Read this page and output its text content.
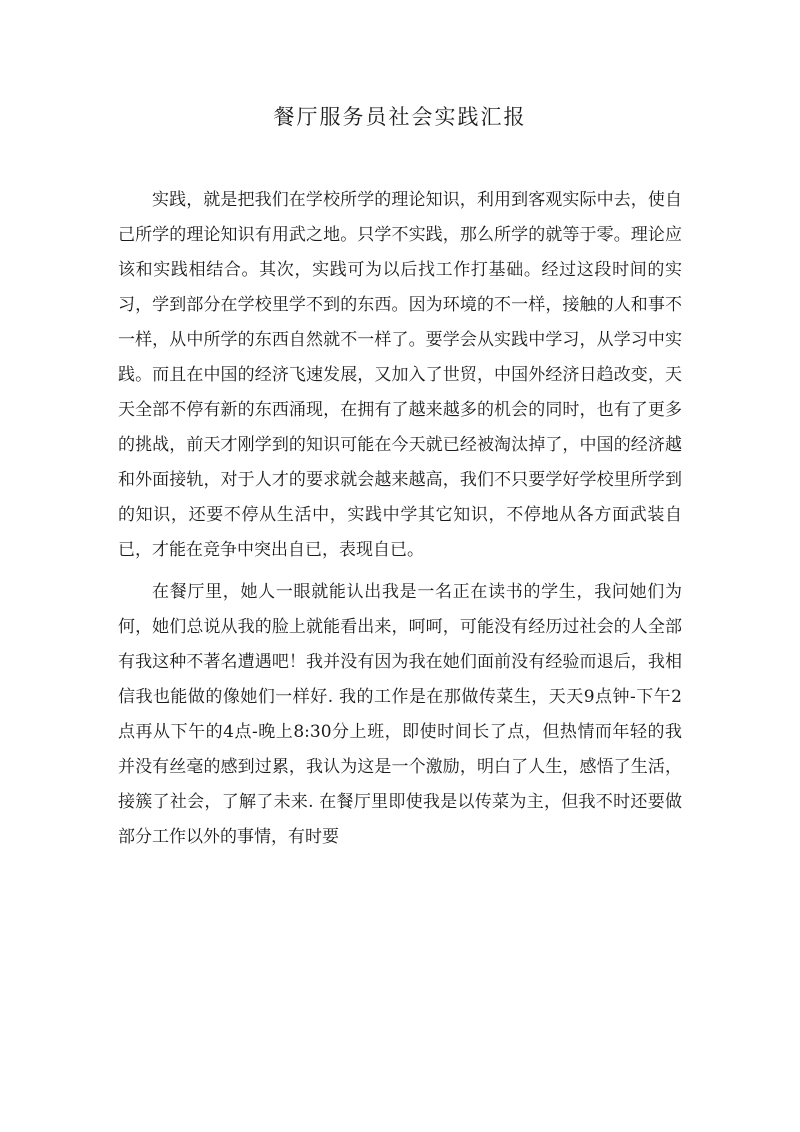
餐厅服务员社会实践汇报

实践，就是把我们在学校所学的理论知识，利用到客观实际中去，使自己所学的理论知识有用武之地。只学不实践，那么所学的就等于零。理论应该和实践相结合。其次，实践可为以后找工作打基础。经过这段时间的实习，学到部分在学校里学不到的东西。因为环境的不一样，接触的人和事不一样，从中所学的东西自然就不一样了。要学会从实践中学习，从学习中实践。而且在中国的经济飞速发展，又加入了世贸，中国外经济日趋改变，天天全部不停有新的东西涌现，在拥有了越来越多的机会的同时，也有了更多的挑战，前天才刚学到的知识可能在今天就已经被淘汰掉了，中国的经济越和外面接轨，对于人才的要求就会越来越高，我们不只要学好学校里所学到的知识，还要不停从生活中，实践中学其它知识，不停地从各方面武装自已，才能在竞争中突出自已，表现自已。

在餐厅里，她人一眼就能认出我是一名正在读书的学生，我问她们为何，她们总说从我的脸上就能看出来，呵呵，可能没有经历过社会的人全部有我这种不著名遭遇吧！我并没有因为我在她们面前没有经验而退后，我相信我也能做的像她们一样好. 我的工作是在那做传菜生，天天9点钟-下午2点再从下午的4点-晚上8:30分上班，即使时间长了点，但热情而年轻的我并没有丝毫的感到过累，我认为这是一个激励，明白了人生，感悟了生活，接簇了社会，了解了未来. 在餐厅里即使我是以传菜为主，但我不时还要做部分工作以外的事情，有时要
